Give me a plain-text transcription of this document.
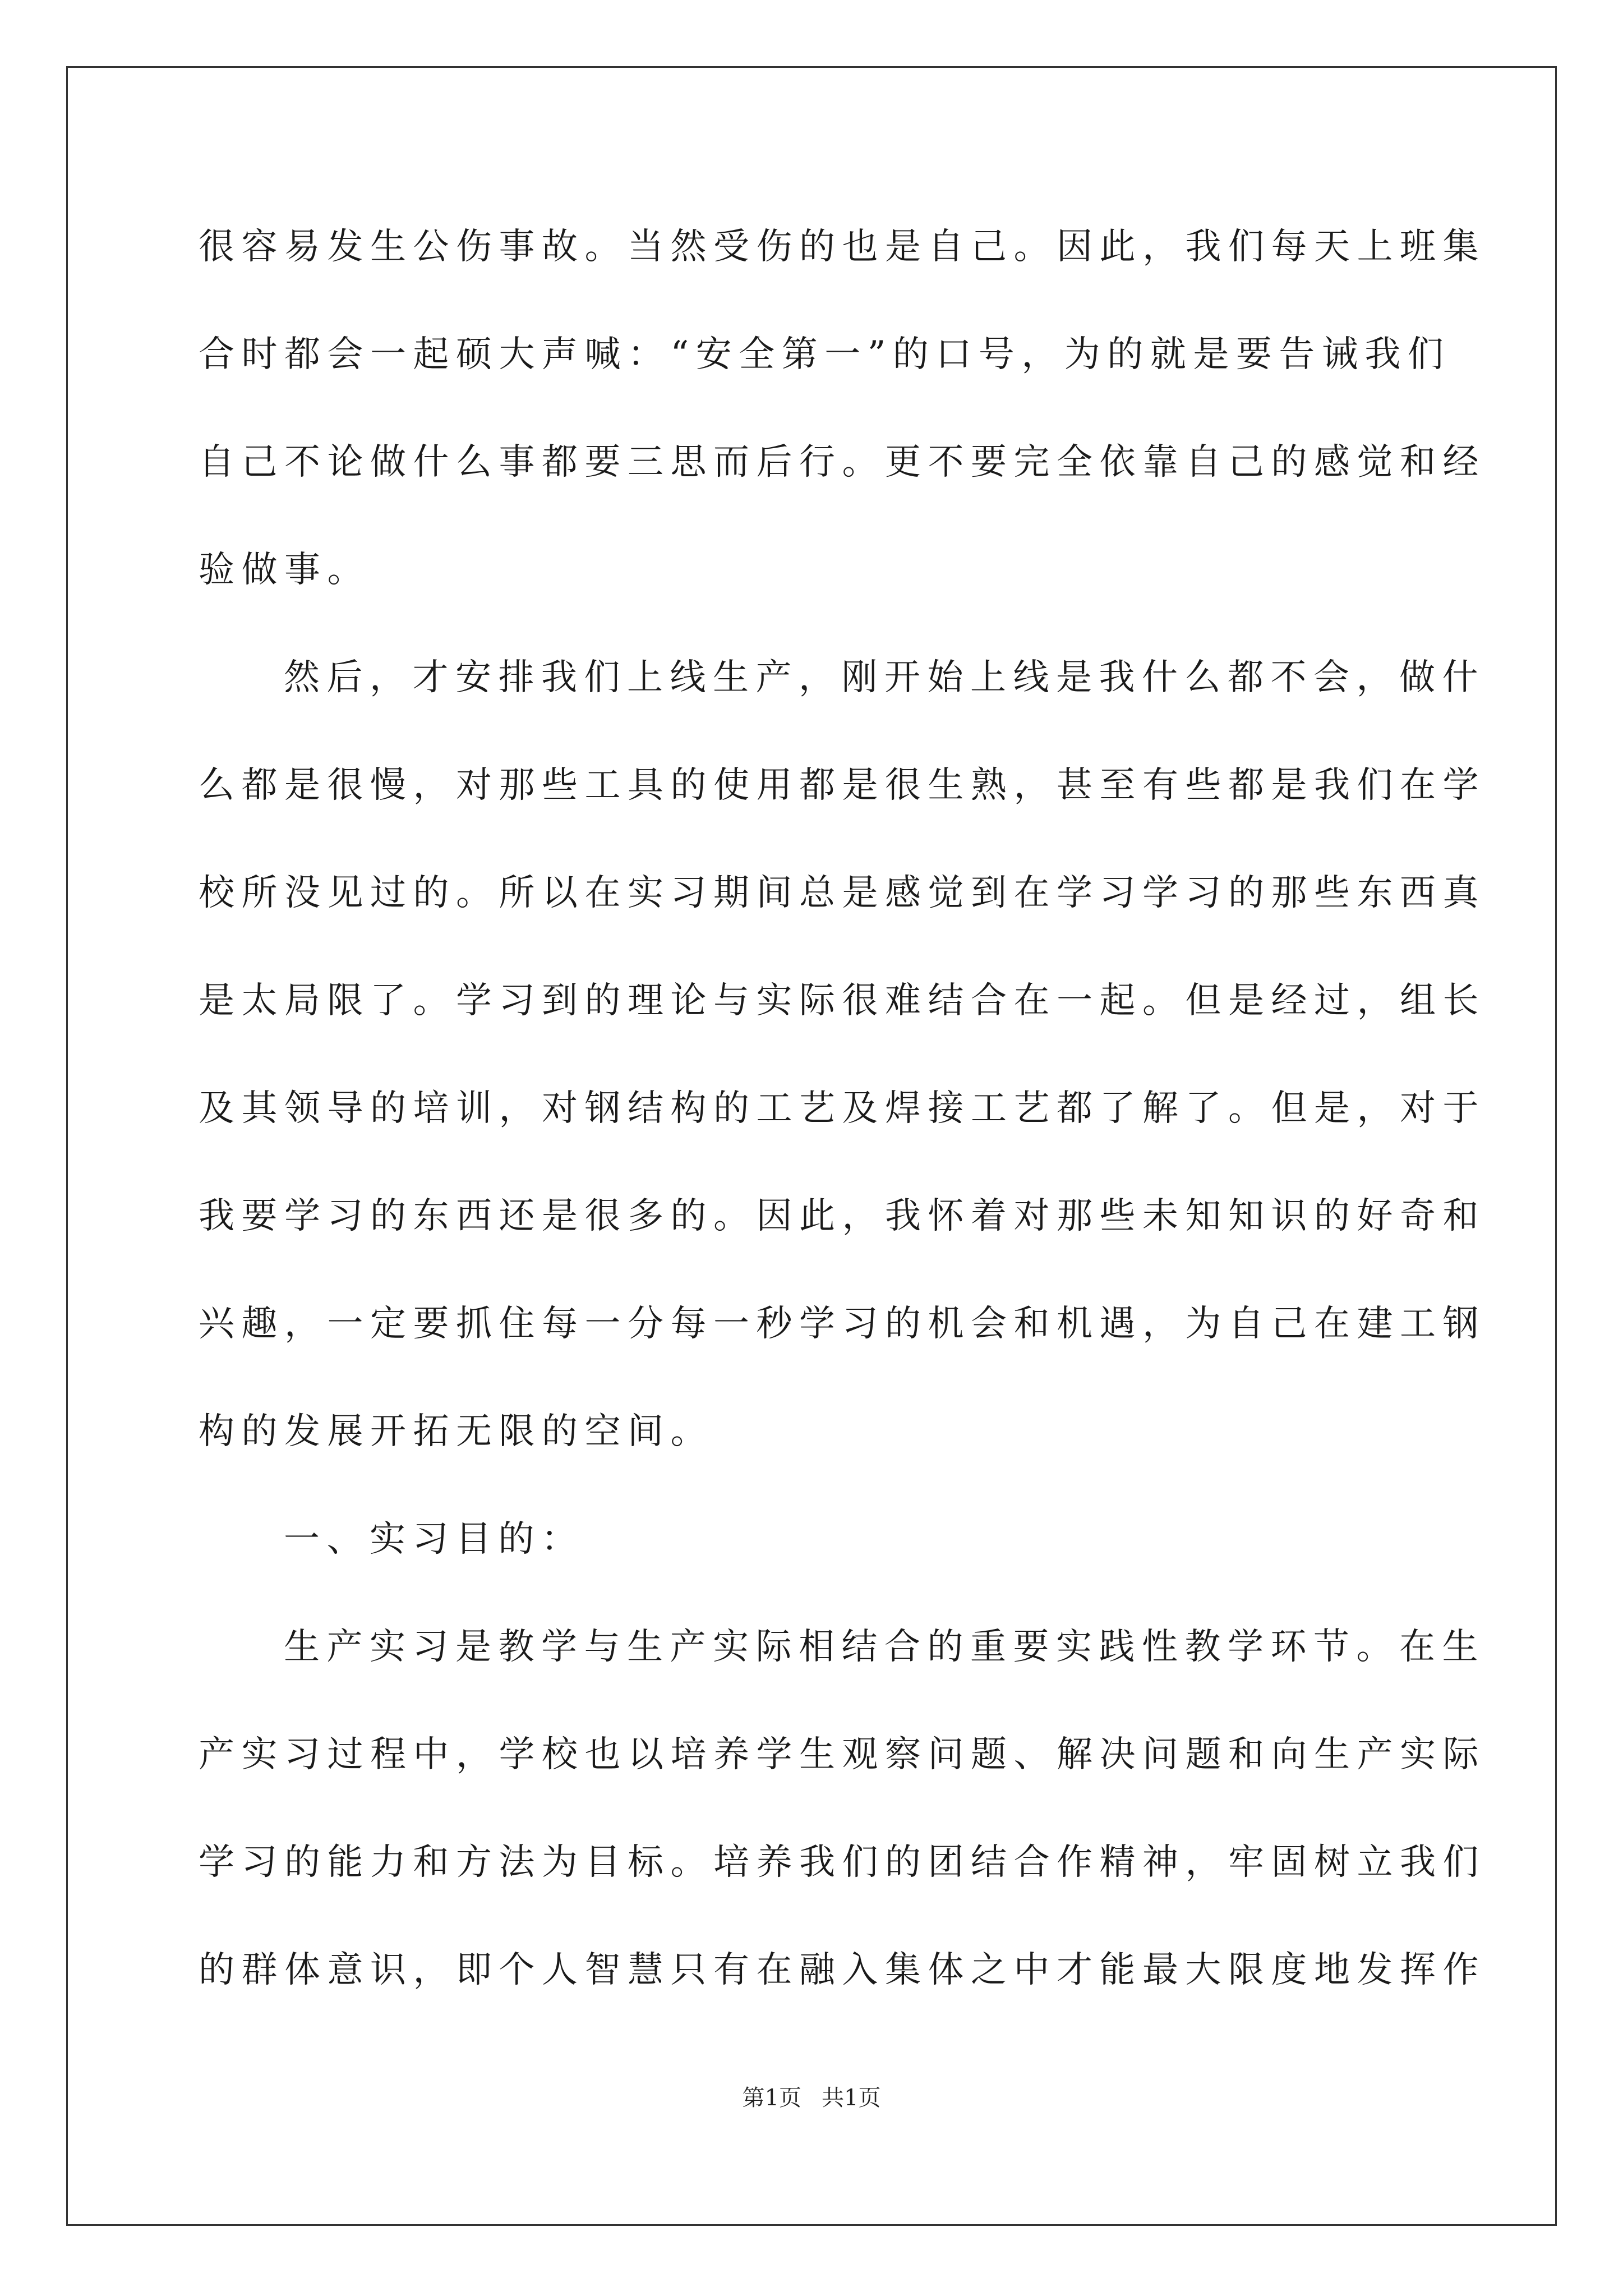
很容易发生公伤事故。当然受伤的也是自己。因此，我们每天上班集
合时都会一起硕大声喊：“安全第一”的口号，为的就是要告诫我们
自己不论做什么事都要三思而后行。更不要完全依靠自己的感觉和经
验做事。
然后，才安排我们上线生产，刚开始上线是我什么都不会，做什
么都是很慢，对那些工具的使用都是很生熟，甚至有些都是我们在学
校所没见过的。所以在实习期间总是感觉到在学习学习的那些东西真
是太局限了。学习到的理论与实际很难结合在一起。但是经过，组长
及其领导的培训，对钢结构的工艺及焊接工艺都了解了。但是，对于
我要学习的东西还是很多的。因此，我怀着对那些未知知识的好奇和
兴趣，一定要抓住每一分每一秒学习的机会和机遇，为自己在建工钢
构的发展开拓无限的空间。
一、实习目的：
生产实习是教学与生产实际相结合的重要实践性教学环节。在生
产实习过程中，学校也以培养学生观察问题、解决问题和向生产实际
学习的能力和方法为目标。培养我们的团结合作精神，牢固树立我们
的群体意识，即个人智慧只有在融入集体之中才能最大限度地发挥作
第1页 共1页
